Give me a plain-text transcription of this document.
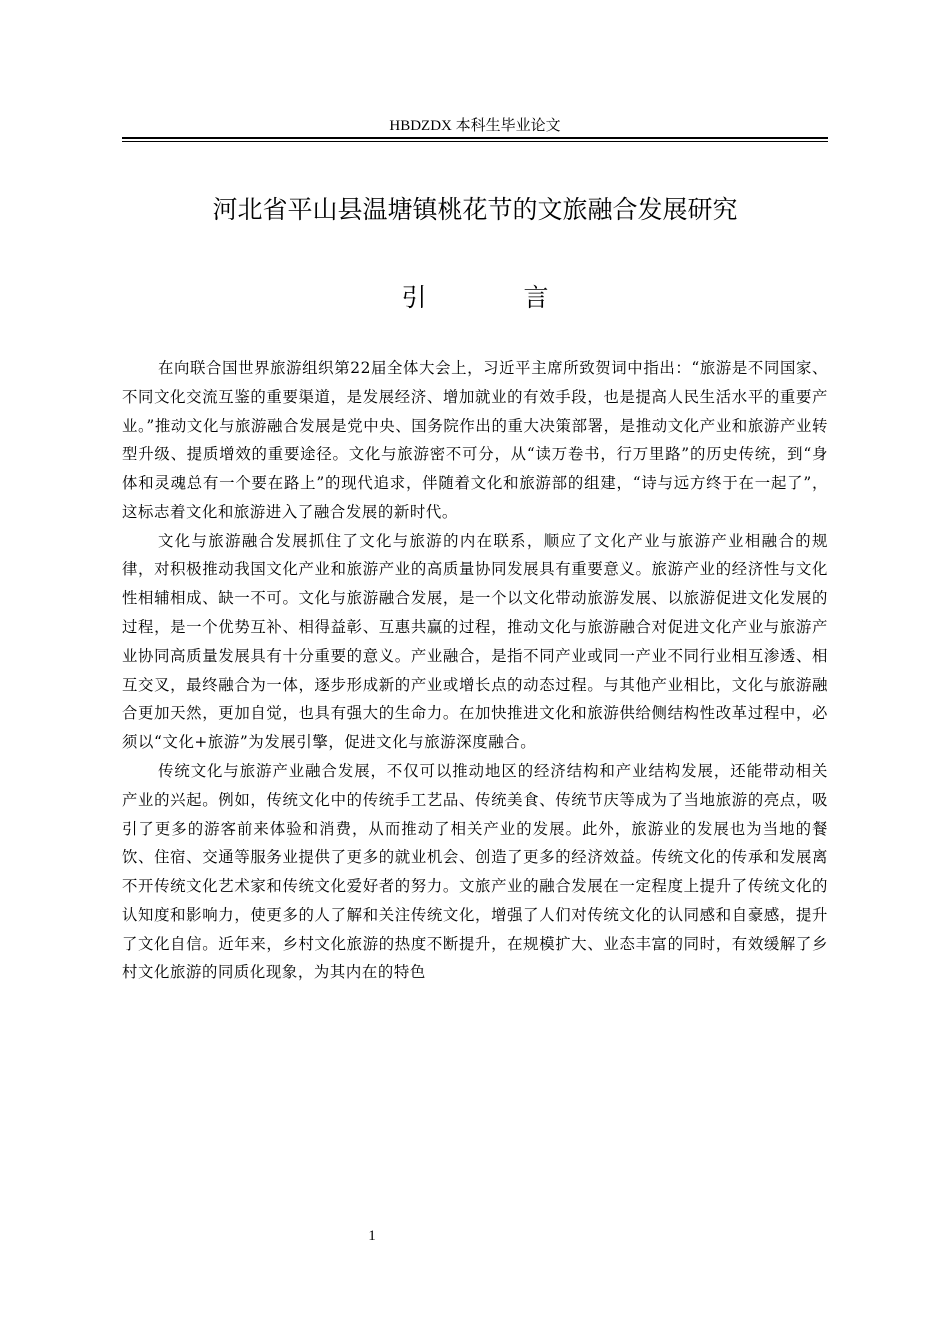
HBDZDX 本科生毕业论文
河北省平山县温塘镇桃花节的文旅融合发展研究
引　言

在向联合国世界旅游组织第22届全体大会上，习近平主席所致贺词中指出：“旅游是不同国家、不同文化交流互鉴的重要渠道，是发展经济、增加就业的有效手段，也是提高人民生活水平的重要产业。”推动文化与旅游融合发展是党中央、国务院作出的重大决策部署，是推动文化产业和旅游产业转型升级、提质增效的重要途径。文化与旅游密不可分，从“读万卷书，行万里路”的历史传统，到“身体和灵魂总有一个要在路上”的现代追求，伴随着文化和旅游部的组建，“诗与远方终于在一起了”，这标志着文化和旅游进入了融合发展的新时代。

文化与旅游融合发展抓住了文化与旅游的内在联系，顺应了文化产业与旅游产业相融合的规律，对积极推动我国文化产业和旅游产业的高质量协同发展具有重要意义。旅游产业的经济性与文化性相辅相成、缺一不可。文化与旅游融合发展，是一个以文化带动旅游发展、以旅游促进文化发展的过程，是一个优势互补、相得益彰、互惠共赢的过程，推动文化与旅游融合对促进文化产业与旅游产业协同高质量发展具有十分重要的意义。产业融合，是指不同产业或同一产业不同行业相互渗透、相互交叉，最终融合为一体，逐步形成新的产业或增长点的动态过程。与其他产业相比，文化与旅游融合更加天然，更加自觉，也具有强大的生命力。在加快推进文化和旅游供给侧结构性改革过程中，必须以“文化+旅游”为发展引擎，促进文化与旅游深度融合。

传统文化与旅游产业融合发展，不仅可以推动地区的经济结构和产业结构发展，还能带动相关产业的兴起。例如，传统文化中的传统手工艺品、传统美食、传统节庆等成为了当地旅游的亮点，吸引了更多的游客前来体验和消费，从而推动了相关产业的发展。此外，旅游业的发展也为当地的餐饮、住宿、交通等服务业提供了更多的就业机会、创造了更多的经济效益。传统文化的传承和发展离不开传统文化艺术家和传统文化爱好者的努力。文旅产业的融合发展在一定程度上提升了传统文化的认知度和影响力，使更多的人了解和关注传统文化，增强了人们对传统文化的认同感和自豪感，提升了文化自信。近年来，乡村文化旅游的热度不断提升，在规模扩大、业态丰富的同时，有效缓解了乡村文化旅游的同质化现象，为其内在的特色

1
